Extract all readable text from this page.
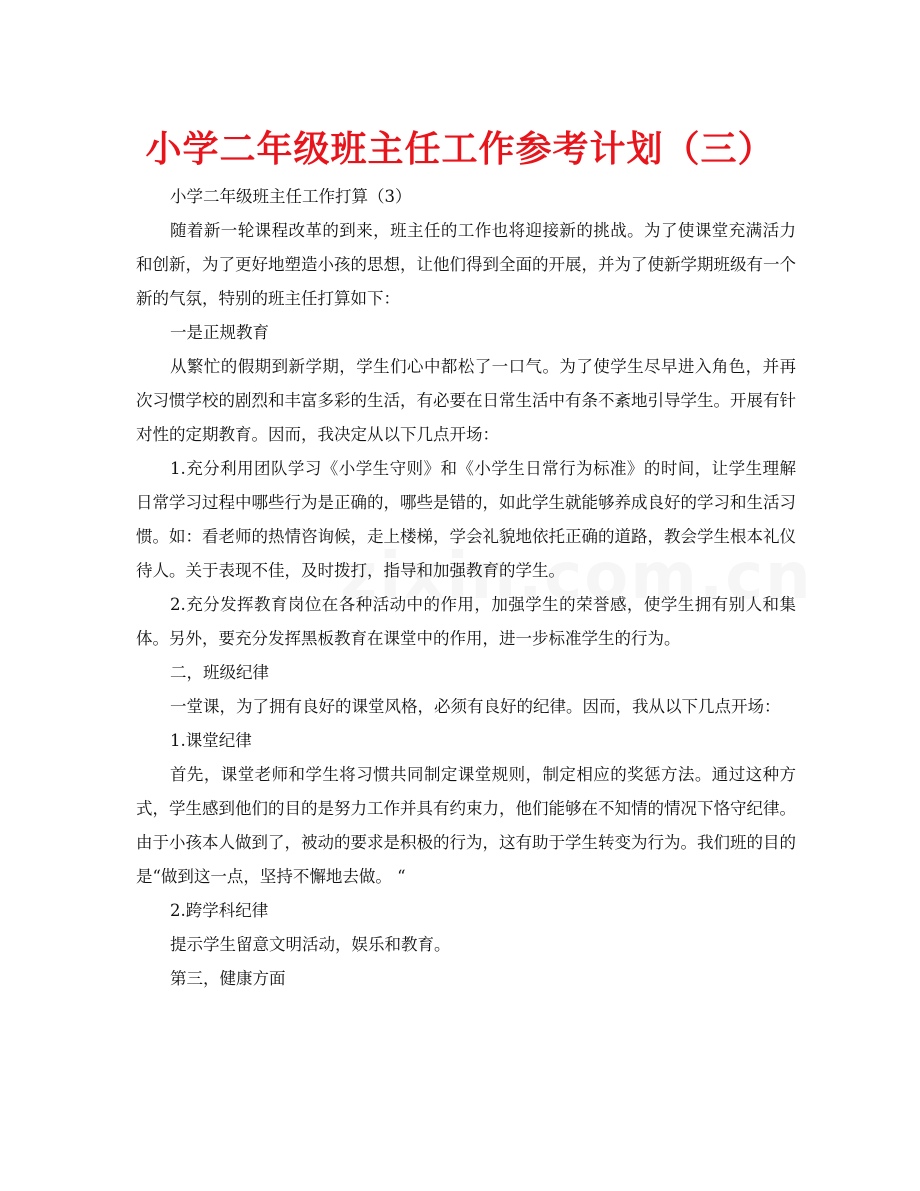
小学二年级班主任工作参考计划（三）

小学二年级班主任工作打算（3）

随着新一轮课程改革的到来，班主任的工作也将迎接新的挑战。为了使课堂充满活力和创新，为了更好地塑造小孩的思想，让他们得到全面的开展，并为了使新学期班级有一个新的气氛，特别的班主任打算如下：

一是正规教育

从繁忙的假期到新学期，学生们心中都松了一口气。为了使学生尽早进入角色，并再次习惯学校的剧烈和丰富多彩的生活，有必要在日常生活中有条不紊地引导学生。开展有针对性的定期教育。因而，我决定从以下几点开场：

1.充分利用团队学习《小学生守则》和《小学生日常行为标准》的时间，让学生理解日常学习过程中哪些行为是正确的，哪些是错的，如此学生就能够养成良好的学习和生活习惯。如：看老师的热情咨询候，走上楼梯，学会礼貌地依托正确的道路，教会学生根本礼仪待人。关于表现不佳，及时拨打，指导和加强教育的学生。

2.充分发挥教育岗位在各种活动中的作用，加强学生的荣誉感，使学生拥有别人和集体。另外，要充分发挥黑板教育在课堂中的作用，进一步标准学生的行为。

二，班级纪律

一堂课，为了拥有良好的课堂风格，必须有良好的纪律。因而，我从以下几点开场：

1.课堂纪律

首先，课堂老师和学生将习惯共同制定课堂规则，制定相应的奖惩方法。通过这种方式，学生感到他们的目的是努力工作并具有约束力，他们能够在不知情的情况下恪守纪律。由于小孩本人做到了，被动的要求是积极的行为，这有助于学生转变为行为。我们班的目的是“做到这一点，坚持不懈地去做。 “

2.跨学科纪律

提示学生留意文明活动，娱乐和教育。

第三，健康方面
